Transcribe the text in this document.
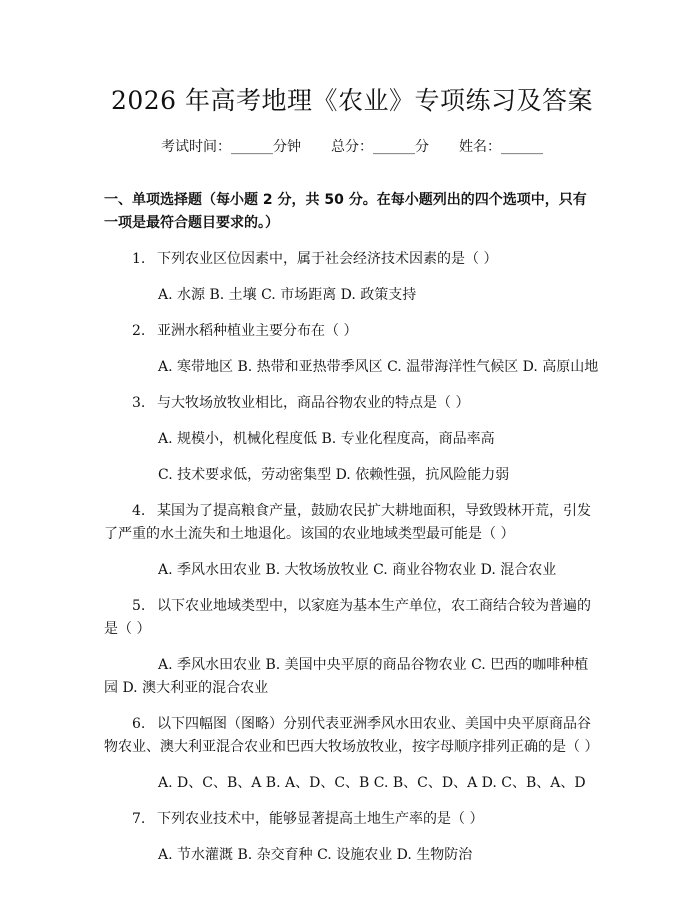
2026 年高考地理《农业》专项练习及答案
考试时间：______分钟 总分：______分 姓名：______
一、单项选择题（每小题 2 分，共 50 分。在每小题列出的四个选项中，只有一项是最符合题目要求的。）
1. 下列农业区位因素中，属于社会经济技术因素的是（ ）
A. 水源 B. 土壤 C. 市场距离 D. 政策支持
2. 亚洲水稻种植业主要分布在（ ）
A. 寒带地区 B. 热带和亚热带季风区 C. 温带海洋性气候区 D. 高原山地
3. 与大牧场放牧业相比，商品谷物农业的特点是（ ）
A. 规模小，机械化程度低 B. 专业化程度高，商品率高
C. 技术要求低，劳动密集型 D. 依赖性强，抗风险能力弱
4. 某国为了提高粮食产量，鼓励农民扩大耕地面积，导致毁林开荒，引发了严重的水土流失和土地退化。该国的农业地域类型最可能是（ ）
A. 季风水田农业 B. 大牧场放牧业 C. 商业谷物农业 D. 混合农业
5. 以下农业地域类型中，以家庭为基本生产单位，农工商结合较为普遍的是（ ）
A. 季风水田农业 B. 美国中央平原的商品谷物农业 C. 巴西的咖啡种植园 D. 澳大利亚的混合农业
6. 以下四幅图（图略）分别代表亚洲季风水田农业、美国中央平原商品谷物农业、澳大利亚混合农业和巴西大牧场放牧业，按字母顺序排列正确的是（ ）
A. D、C、B、A B. A、D、C、B C. B、C、D、A D. C、B、A、D
7. 下列农业技术中，能够显著提高土地生产率的是（ ）
A. 节水灌溉 B. 杂交育种 C. 设施农业 D. 生物防治
